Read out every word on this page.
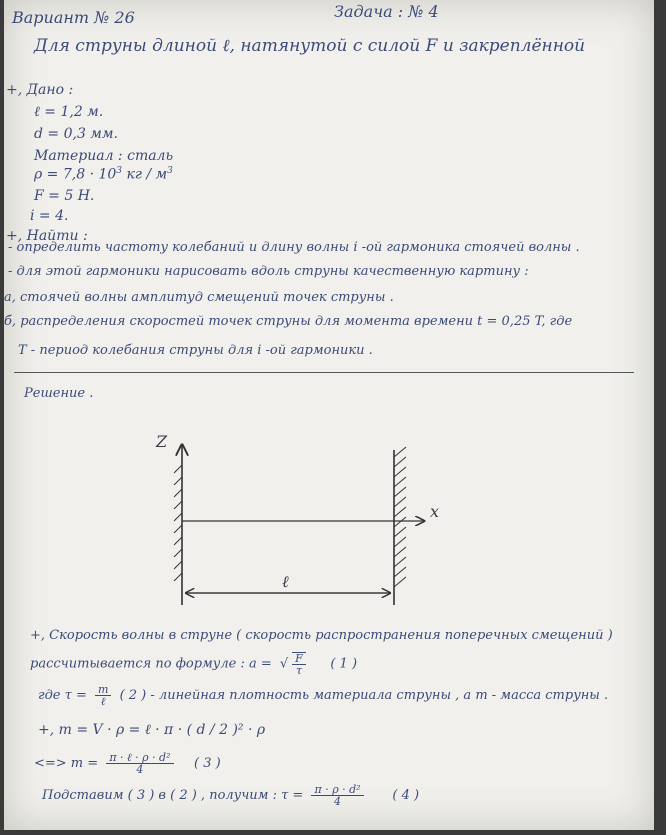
Вариант № 26	Задача : № 4
Для струны длиной ℓ, натянутой с силой F и закреплённой
+, Дано :
ℓ = 1,2 м.
d = 0,3 мм.
Материал : сталь
$\rho = 7,8 \cdot 10^3$ кг / $м^3$
F = 5 Н.
i = 4.
+, Найти :
- определить частоту колебаний и длину волны i -ой гармоника стоячей волны .
- для этой гармоники нарисовать вдоль струны качественную картину :
а, стоячей волны амплитуд смещений точек струны .
б, распределения скоростей точек струны для момента времени t = 0,25 T, где
T - период колебания струны для i -ой гармоники .
Решение .
Z
x
ℓ
+, Скорость волны в струне ( скорость распространения поперечных смещений )
рассчитывается по формуле : a = √ $\frac{F}{\tau}$ ( 1 )
где $\tau = \frac{m}{\text{ℓ}}$ ( 2 ) - линейная плотность материала струны , a m - масса струны .
+, m = V · ρ = ℓ · π · ( d / 2 )² · ρ
<=> $m = \frac{\text{π · ℓ · ρ · d²}}{4}$ ( 3 )
Подставим ( 3 ) в ( 2 ) , получим : $\tau = \frac{\text{π · ρ · d²}}{4}$ ( 4 )
